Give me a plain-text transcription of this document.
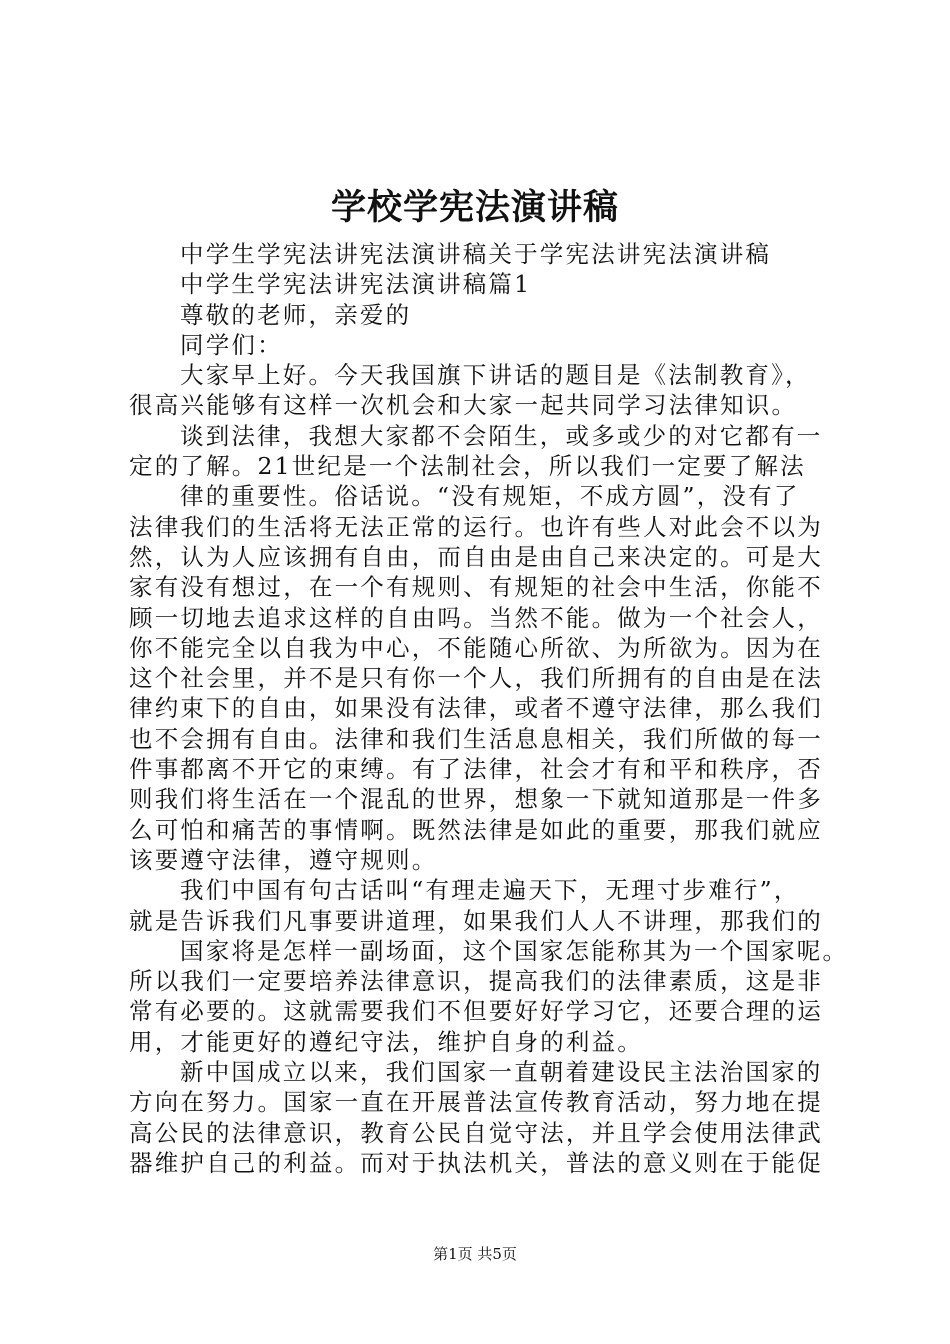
学校学宪法演讲稿
中学生学宪法讲宪法演讲稿关于学宪法讲宪法演讲稿
中学生学宪法讲宪法演讲稿篇1
尊敬的老师，亲爱的
同学们：
大家早上好。今天我国旗下讲话的题目是《法制教育》，
很高兴能够有这样一次机会和大家一起共同学习法律知识。
谈到法律，我想大家都不会陌生，或多或少的对它都有一
定的了解。21世纪是一个法制社会，所以我们一定要了解法
律的重要性。俗话说。“没有规矩，不成方圆”，没有了
法律我们的生活将无法正常的运行。也许有些人对此会不以为
然，认为人应该拥有自由，而自由是由自己来决定的。可是大
家有没有想过，在一个有规则、有规矩的社会中生活，你能不
顾一切地去追求这样的自由吗。当然不能。做为一个社会人，
你不能完全以自我为中心，不能随心所欲、为所欲为。因为在
这个社会里，并不是只有你一个人，我们所拥有的自由是在法
律约束下的自由，如果没有法律，或者不遵守法律，那么我们
也不会拥有自由。法律和我们生活息息相关，我们所做的每一
件事都离不开它的束缚。有了法律，社会才有和平和秩序，否
则我们将生活在一个混乱的世界，想象一下就知道那是一件多
么可怕和痛苦的事情啊。既然法律是如此的重要，那我们就应
该要遵守法律，遵守规则。
我们中国有句古话叫“有理走遍天下，无理寸步难行”，
就是告诉我们凡事要讲道理，如果我们人人不讲理，那我们的
国家将是怎样一副场面，这个国家怎能称其为一个国家呢。
所以我们一定要培养法律意识，提高我们的法律素质，这是非
常有必要的。这就需要我们不但要好好学习它，还要合理的运
用，才能更好的遵纪守法，维护自身的利益。
新中国成立以来，我们国家一直朝着建设民主法治国家的
方向在努力。国家一直在开展普法宣传教育活动，努力地在提
高公民的法律意识，教育公民自觉守法，并且学会使用法律武
器维护自己的利益。而对于执法机关，普法的意义则在于能促
第1页 共5页
